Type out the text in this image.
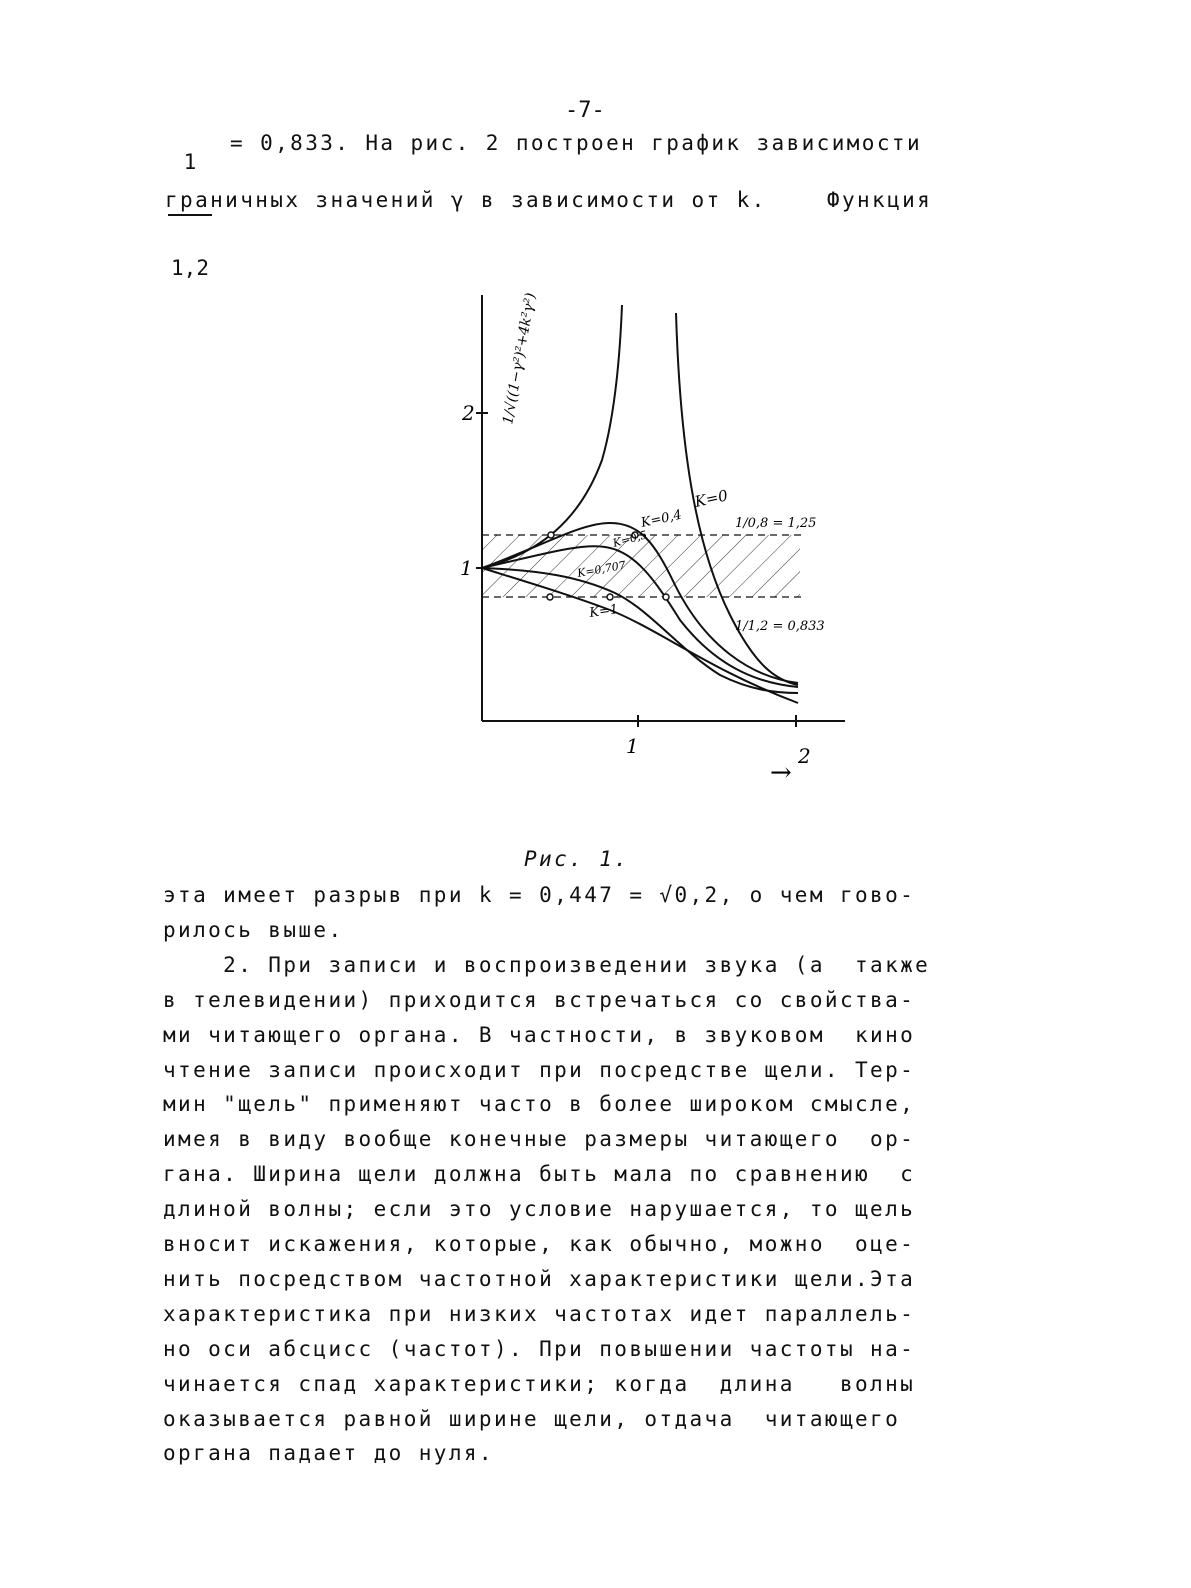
-7-

1

1,2

= 0,833. На рис. 2 построен график зависимости
граничных значений γ в зависимости от k.    Функция
1/√((1−γ²)²+4k²γ²)
2
1
1	2
→
K=0
K=0,4
K=0,5
K=0,707
K=1
1/0,8 = 1,25
1/1,2 = 0,833
Рис. 1.
эта имеет разрыв при k = 0,447 = √0,2, о чем гово-
рилось выше.
2. При записи и воспроизведении звука (а  также
в телевидении) приходится встречаться со свойства-
ми читающего органа. В частности, в звуковом  кино
чтение записи происходит при посредстве щели. Тер-
мин "щель" применяют часто в более широком смысле,
имея в виду вообще конечные размеры читающего  ор-
гана. Ширина щели должна быть мала по сравнению  с
длиной волны; если это условие нарушается, то щель
вносит искажения, которые, как обычно, можно  оце-
нить посредством частотной характеристики щели.Эта
характеристика при низких частотах идет параллель-
но оси абсцисс (частот). При повышении частоты на-
чинается спад характеристики; когда  длина   волны
оказывается равной ширине щели, отдача  читающего
органа падает до нуля.
